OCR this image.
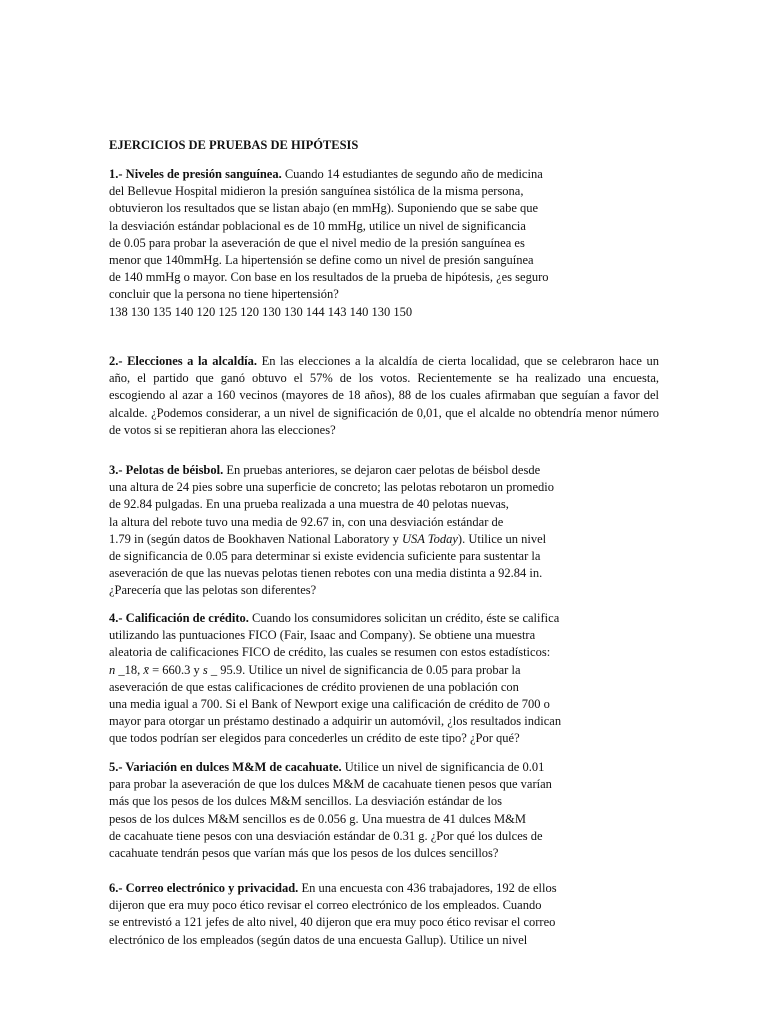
EJERCICIOS DE PRUEBAS DE HIPÓTESIS

1.- Niveles de presión sanguínea. Cuando 14 estudiantes de segundo año de medicina
del Bellevue Hospital midieron la presión sanguínea sistólica de la misma persona,
obtuvieron los resultados que se listan abajo (en mmHg). Suponiendo que se sabe que
la desviación estándar poblacional es de 10 mmHg, utilice un nivel de significancia
de 0.05 para probar la aseveración de que el nivel medio de la presión sanguínea es
menor que 140mmHg. La hipertensión se define como un nivel de presión sanguínea
de 140 mmHg o mayor. Con base en los resultados de la prueba de hipótesis, ¿es seguro
concluir que la persona no tiene hipertensión?
138 130 135 140 120 125 120 130 130 144 143 140 130 150
2.- Elecciones a la alcaldía. En las elecciones a la alcaldía de cierta localidad, que se celebraron hace un
año, el partido que ganó obtuvo el 57% de los votos. Recientemente se ha realizado una encuesta,
escogiendo al azar a 160 vecinos (mayores de 18 años), 88 de los cuales afirmaban que seguían a favor del
alcalde. ¿Podemos considerar, a un nivel de significación de 0,01, que el alcalde no obtendría menor número
de votos si se repitieran ahora las elecciones?
3.- Pelotas de béisbol. En pruebas anteriores, se dejaron caer pelotas de béisbol desde
una altura de 24 pies sobre una superficie de concreto; las pelotas rebotaron un promedio
de 92.84 pulgadas. En una prueba realizada a una muestra de 40 pelotas nuevas,
la altura del rebote tuvo una media de 92.67 in, con una desviación estándar de
1.79 in (según datos de Bookhaven National Laboratory y USA Today). Utilice un nivel
de significancia de 0.05 para determinar si existe evidencia suficiente para sustentar la
aseveración de que las nuevas pelotas tienen rebotes con una media distinta a 92.84 in.
¿Parecería que las pelotas son diferentes?
4.- Calificación de crédito. Cuando los consumidores solicitan un crédito, éste se califica
utilizando las puntuaciones FICO (Fair, Isaac and Company). Se obtiene una muestra
aleatoria de calificaciones FICO de crédito, las cuales se resumen con estos estadísticos:
n _18, x̄ = 660.3 y s _ 95.9. Utilice un nivel de significancia de 0.05 para probar la
aseveración de que estas calificaciones de crédito provienen de una población con
una media igual a 700. Si el Bank of Newport exige una calificación de crédito de 700 o
mayor para otorgar un préstamo destinado a adquirir un automóvil, ¿los resultados indican
que todos podrían ser elegidos para concederles un crédito de este tipo? ¿Por qué?
5.- Variación en dulces M&M de cacahuate. Utilice un nivel de significancia de 0.01
para probar la aseveración de que los dulces M&M de cacahuate tienen pesos que varían
más que los pesos de los dulces M&M sencillos. La desviación estándar de los
pesos de los dulces M&M sencillos es de 0.056 g. Una muestra de 41 dulces M&M
de cacahuate tiene pesos con una desviación estándar de 0.31 g. ¿Por qué los dulces de
cacahuate tendrán pesos que varían más que los pesos de los dulces sencillos?
6.- Correo electrónico y privacidad. En una encuesta con 436 trabajadores, 192 de ellos
dijeron que era muy poco ético revisar el correo electrónico de los empleados. Cuando
se entrevistó a 121 jefes de alto nivel, 40 dijeron que era muy poco ético revisar el correo
electrónico de los empleados (según datos de una encuesta Gallup). Utilice un nivel
